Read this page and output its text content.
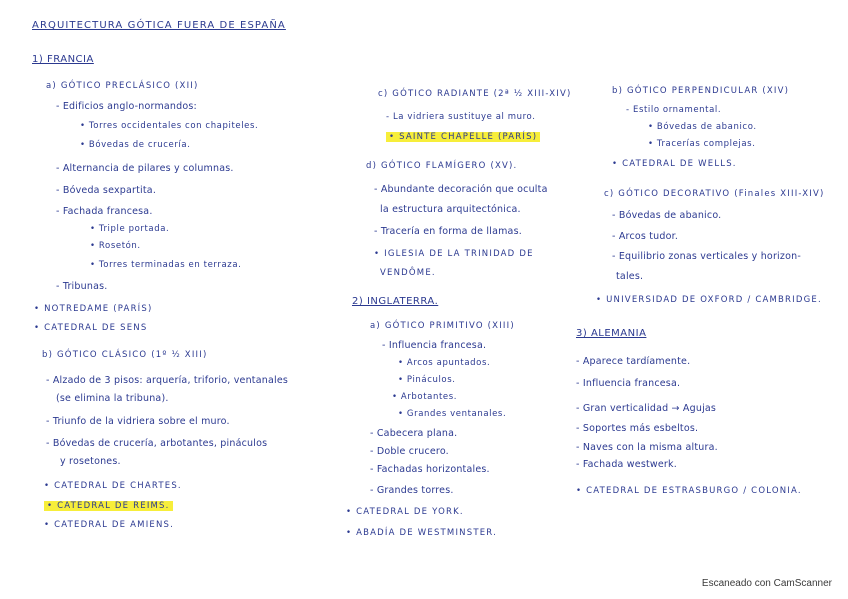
ARQUITECTURA GÓTICA FUERA DE ESPAÑA
1) FRANCIA
a) GÓTICO PRECLÁSICO (XII)
- Edificios anglo-normandos:
• Torres occidentales con chapiteles.
• Bóvedas de crucería.
- Alternancia de pilares y columnas.
- Bóveda sexpartita.
- Fachada francesa.
• Triple portada.
• Rosetón.
• Torres terminadas en terraza.
- Tribunas.
• NOTREDAME (PARÍS)
• CATEDRAL DE SENS
b) GÓTICO CLÁSICO (1º ½ XIII)
- Alzado de 3 pisos: arquería, triforio, ventanales
(se elimina la tribuna).
- Triunfo de la vidriera sobre el muro.
- Bóvedas de crucería, arbotantes, pináculos
y rosetones.
• CATEDRAL DE CHARTES.
• CATEDRAL DE REIMS.
• CATEDRAL DE AMIENS.
c) GÓTICO RADIANTE (2ª ½ XIII-XIV)
- La vidriera sustituye al muro.
• SAINTE CHAPELLE (PARÍS)
d) GÓTICO FLAMÍGERO (XV).
- Abundante decoración que oculta
la estructura arquitectónica.
- Tracería en forma de llamas.
• IGLESIA DE LA TRINIDAD DE
VENDÔME.
2) INGLATERRA.
a) GÓTICO PRIMITIVO (XIII)
- Influencia francesa.
• Arcos apuntados.
• Pináculos.
• Arbotantes.
• Grandes ventanales.
- Cabecera plana.
- Doble crucero.
- Fachadas horizontales.
- Grandes torres.
• CATEDRAL DE YORK.
• ABADÍA DE WESTMINSTER.
b) GÓTICO PERPENDICULAR (XIV)
- Estilo ornamental.
• Bóvedas de abanico.
• Tracerías complejas.
• CATEDRAL DE WELLS.
c) GÓTICO DECORATIVO (Finales XIII-XIV)
- Bóvedas de abanico.
- Arcos tudor.
- Equilibrio zonas verticales y horizon-
tales.
• UNIVERSIDAD DE OXFORD / CAMBRIDGE.
3) ALEMANIA
- Aparece tardíamente.
- Influencia francesa.
- Gran verticalidad → Agujas
- Soportes más esbeltos.
- Naves con la misma altura.
- Fachada westwerk.
• CATEDRAL DE ESTRASBURGO / COLONIA.
Escaneado con CamScanner
